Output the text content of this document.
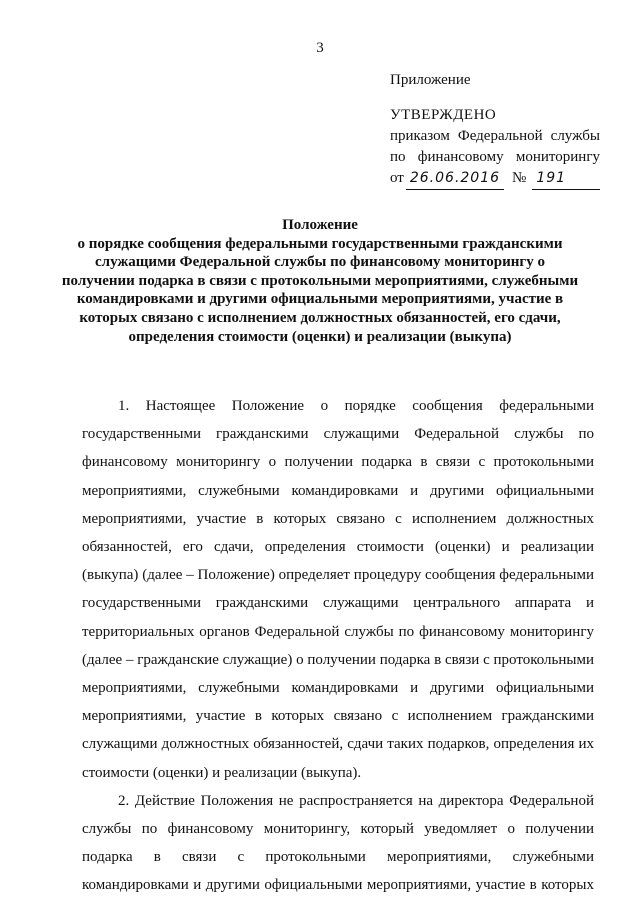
3
Приложение
УТВЕРЖДЕНО
приказом Федеральной службы
по финансовому мониторингу
от 26.06.2016 № 191
Положение
о порядке сообщения федеральными государственными гражданскими служащими Федеральной службы по финансовому мониторингу о получении подарка в связи с протокольными мероприятиями, служебными командировками и другими официальными мероприятиями, участие в которых связано с исполнением должностных обязанностей, его сдачи, определения стоимости (оценки) и реализации (выкупа)

1. Настоящее Положение о порядке сообщения федеральными государственными гражданскими служащими Федеральной службы по финансовому мониторингу о получении подарка в связи с протокольными мероприятиями, служебными командировками и другими официальными мероприятиями, участие в которых связано с исполнением должностных обязанностей, его сдачи, определения стоимости (оценки) и реализации (выкупа) (далее – Положение) определяет процедуру сообщения федеральными государственными гражданскими служащими центрального аппарата и территориальных органов Федеральной службы по финансовому мониторингу (далее – гражданские служащие) о получении подарка в связи с протокольными мероприятиями, служебными командировками и другими официальными мероприятиями, участие в которых связано с исполнением гражданскими служащими должностных обязанностей, сдачи таких подарков, определения их стоимости (оценки) и реализации (выкупа).

2. Действие Положения не распространяется на директора Федеральной службы по финансовому мониторингу, который уведомляет о получении подарка в связи с протокольными мероприятиями, служебными командировками и другими официальными мероприятиями, участие в которых
